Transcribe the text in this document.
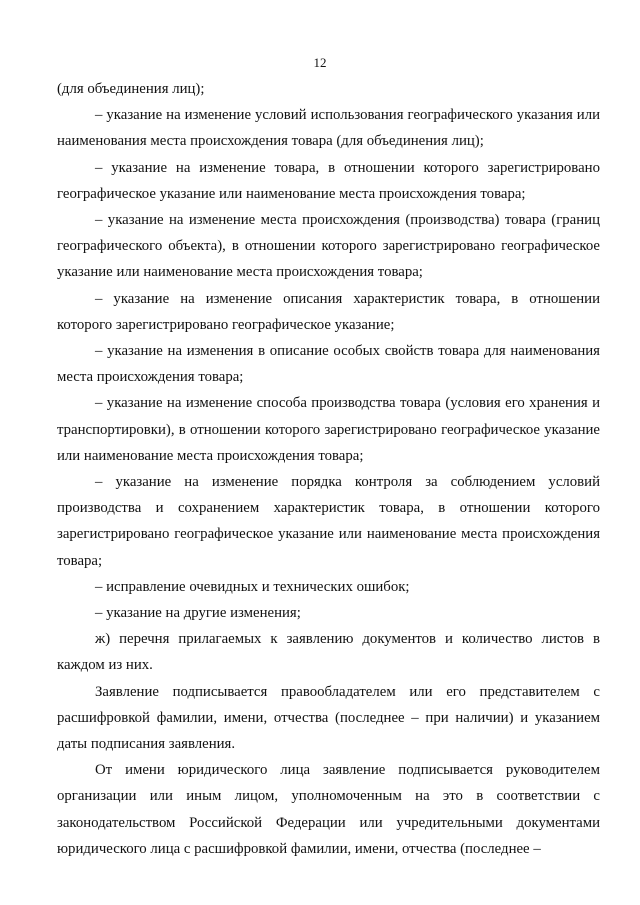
12

(для объединения лиц);

– указание на изменение условий использования географического указания или наименования места происхождения товара (для объединения лиц);

– указание на изменение товара, в отношении которого зарегистрировано географическое указание или наименование места происхождения товара;

– указание на изменение места происхождения (производства) товара (границ географического объекта), в отношении которого зарегистрировано географическое указание или наименование места происхождения товара;

– указание на изменение описания характеристик товара, в отношении которого зарегистрировано географическое указание;

– указание на изменения в описание особых свойств товара для наименования места происхождения товара;

– указание на изменение способа производства товара (условия его хранения и транспортировки), в отношении которого зарегистрировано географическое указание или наименование места происхождения товара;

– указание на изменение порядка контроля за соблюдением условий производства и сохранением характеристик товара, в отношении которого зарегистрировано географическое указание или наименование места происхождения товара;

– исправление очевидных и технических ошибок;

– указание на другие изменения;

ж) перечня прилагаемых к заявлению документов и количество листов в каждом из них.

Заявление подписывается правообладателем или его представителем с расшифровкой фамилии, имени, отчества (последнее – при наличии) и указанием даты подписания заявления.

От имени юридического лица заявление подписывается руководителем организации или иным лицом, уполномоченным на это в соответствии с законодательством Российской Федерации или учредительными документами юридического лица с расшифровкой фамилии, имени, отчества (последнее –
